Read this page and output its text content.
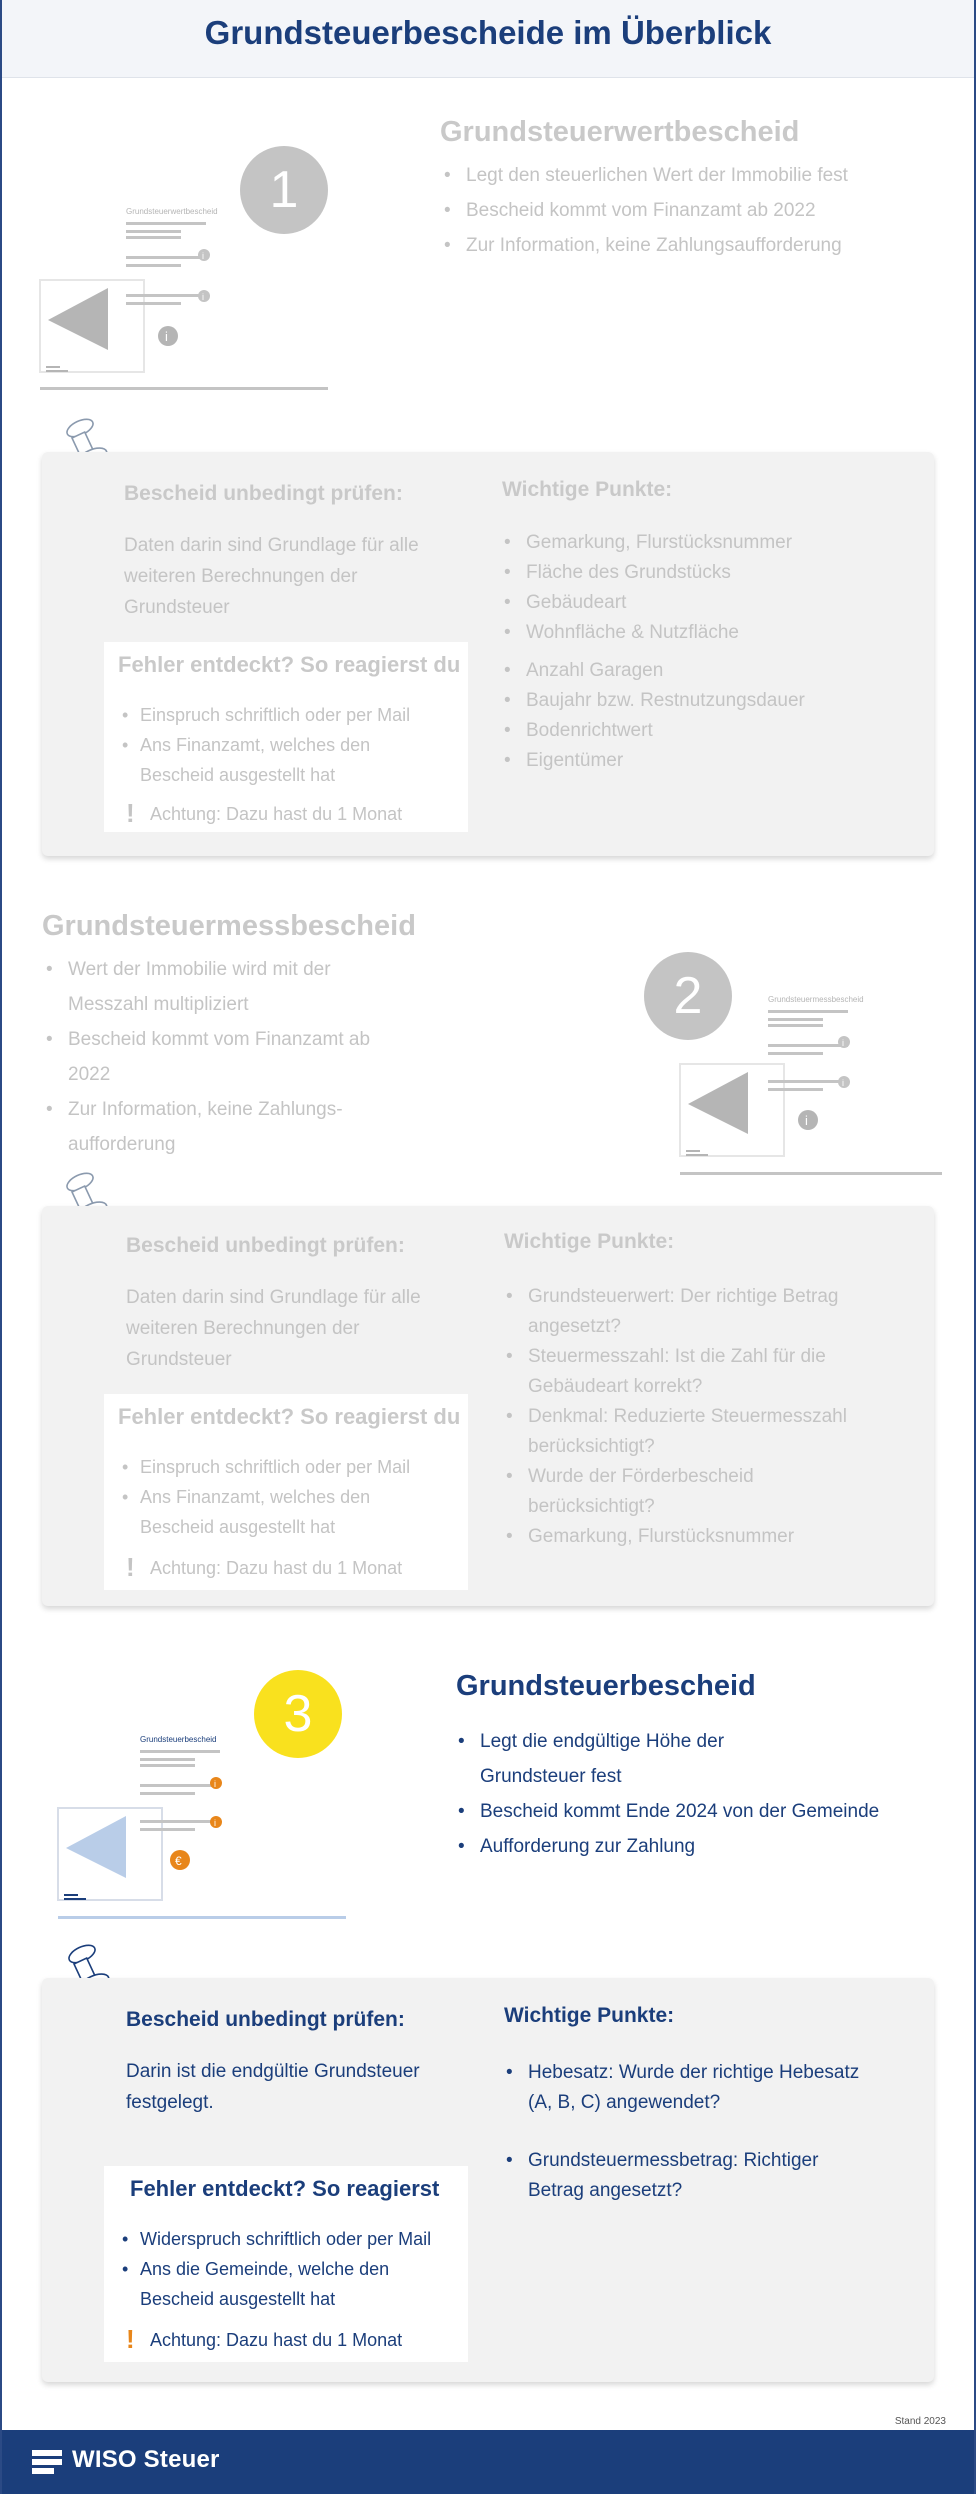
Grundsteuerbescheide im Überblick
Grundsteuerwertbescheid
i
i
i
1
Grundsteuerwertbescheid
• Legt den steuerlichen Wert der Immobilie fest
• Bescheid kommt vom Finanzamt ab 2022
• Zur Information, keine Zahlungsaufforderung
Bescheid unbedingt prüfen:
Daten darin sind Grundlage für alle weiteren Berechnungen der Grundsteuer
Fehler entdeckt? So reagierst du
• Einspruch schriftlich oder per Mail
• Ans Finanzamt, welches den Bescheid ausgestellt hat
! Achtung: Dazu hast du 1 Monat
Wichtige Punkte:
• Gemarkung, Flurstücksnummer
• Fläche des Grundstücks
• Gebäudeart
• Wohnfläche & Nutzfläche
• Anzahl Garagen
• Baujahr bzw. Restnutzungsdauer
• Bodenrichtwert
• Eigentümer
Grundsteuermessbescheid
• Wert der Immobilie wird mit der Messzahl multipliziert
• Bescheid kommt vom Finanzamt ab 2022
• Zur Information, keine Zahlungs-aufforderung
2	Grundsteuermessbescheid
i
i
i
Bescheid unbedingt prüfen:
Daten darin sind Grundlage für alle weiteren Berechnungen der Grundsteuer
Fehler entdeckt? So reagierst du
• Einspruch schriftlich oder per Mail
• Ans Finanzamt, welches den Bescheid ausgestellt hat
! Achtung: Dazu hast du 1 Monat
Wichtige Punkte:
• Grundsteuerwert: Der richtige Betrag angesetzt?
• Steuermesszahl: Ist die Zahl für die Gebäudeart korrekt?
• Denkmal: Reduzierte Steuermesszahl berücksichtigt?
• Wurde der Förderbescheid berücksichtigt?
• Gemarkung, Flurstücksnummer
3
Grundsteuerbescheid
i
i
€
Grundsteuerbescheid
• Legt die endgültige Höhe der Grundsteuer fest
• Bescheid kommt Ende 2024 von der Gemeinde
• Aufforderung zur Zahlung
Bescheid unbedingt prüfen:
Darin ist die endgültie Grundsteuer festgelegt.
Fehler entdeckt? So reagierst
• Widerspruch schriftlich oder per Mail
• Ans die Gemeinde, welche den Bescheid ausgestellt hat
! Achtung: Dazu hast du 1 Monat
Wichtige Punkte:
• Hebesatz: Wurde der richtige Hebesatz (A, B, C) angewendet?
• Grundsteuermessbetrag: Richtiger Betrag angesetzt?
Stand 2023
WISO Steuer
